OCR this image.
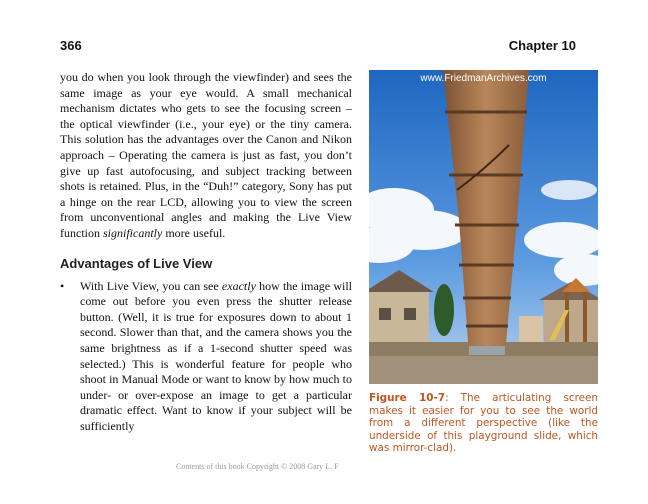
366	Chapter 10

you do when you look through the viewfinder) and sees the same image as your eye would. A small mechanical mechanism dictates who gets to see the focusing screen – the optical viewfinder (i.e., your eye) or the tiny camera. This solution has the advantages over the Canon and Nikon approach – Operating the camera is just as fast, you don’t give up fast autofocusing, and subject tracking between shots is retained. Plus, in the “Duh!” category, Sony has put a hinge on the rear LCD, allowing you to view the screen from unconventional angles and making the Live View function significantly more useful.

Advantages of Live View
•	With Live View, you can see exactly how the image will come out before you even press the shutter release button. (Well, it is true for exposures down to about 1 second. Slower than that, and the camera shows you the same brightness as if a 1-second shutter speed was selected.) This is wonderful feature for people who shoot in Manual Mode or want to know by how much to under- or over-expose an image to get a particular dramatic effect. Want to know if your subject will be sufficiently

www.FriedmanArchives.com

Figure 10-7: The articulating screen makes it easier for you to see the world from a different perspective (like the underside of this playground slide, which was mirror-clad).

Contents of this book Copyright © 2008 Gary L. F
